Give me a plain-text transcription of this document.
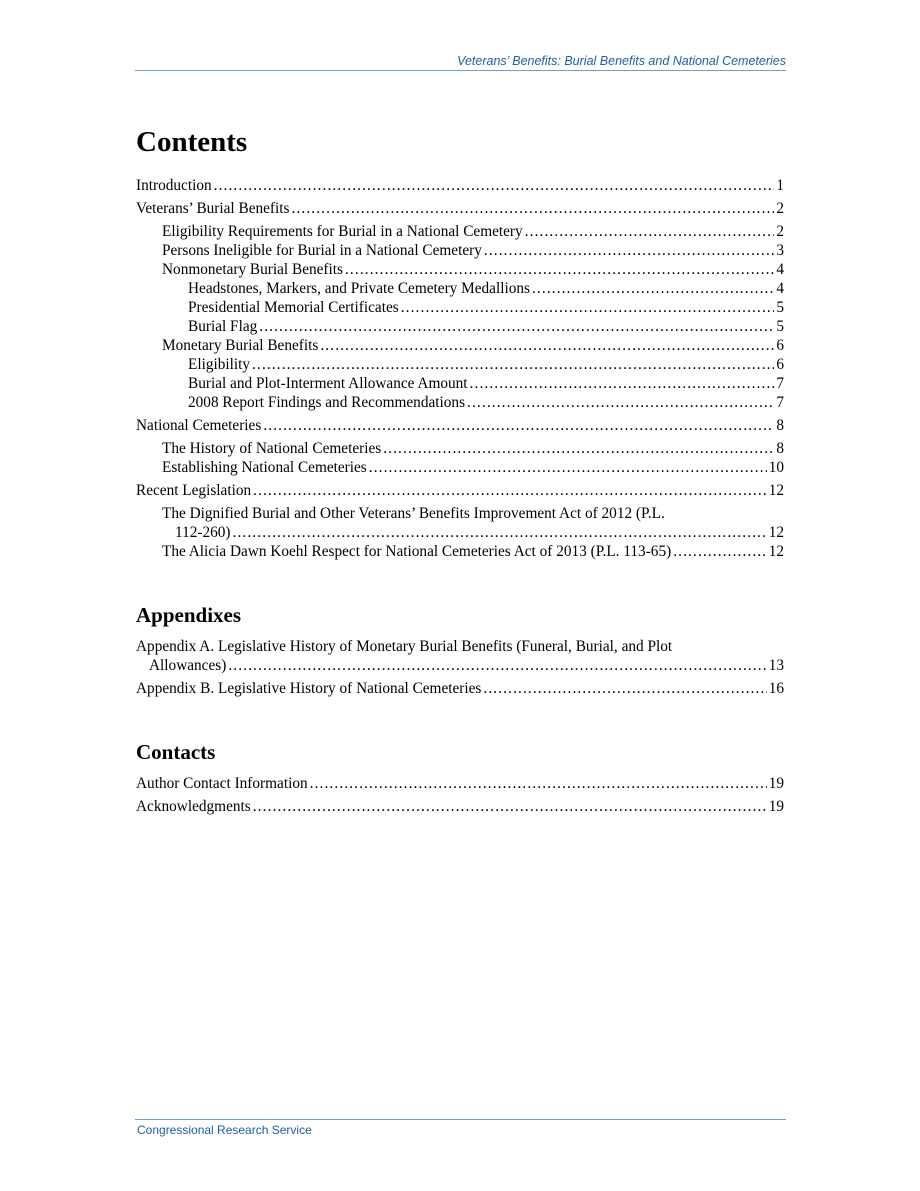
Veterans’ Benefits: Burial Benefits and National Cemeteries
Contents
Introduction . . .	1
Veterans’ Burial Benefits . . .	2
Eligibility Requirements for Burial in a National Cemetery . . .	2
Persons Ineligible for Burial in a National Cemetery . . .	3
Nonmonetary Burial Benefits . . .	4
Headstones, Markers, and Private Cemetery Medallions . . .	4
Presidential Memorial Certificates . . .	5
Burial Flag . . .	5
Monetary Burial Benefits . . .	6
Eligibility . . .	6
Burial and Plot-Interment Allowance Amount . . .	7
2008 Report Findings and Recommendations . . .	7
National Cemeteries . . .	8
The History of National Cemeteries . . .	8
Establishing National Cemeteries . . .	10
Recent Legislation . . .	12
The Dignified Burial and Other Veterans’ Benefits Improvement Act of 2012 (P.L.
112-260) . . .	12
The Alicia Dawn Koehl Respect for National Cemeteries Act of 2013 (P.L. 113-65) . . .	12
Appendixes
Appendix A. Legislative History of Monetary Burial Benefits (Funeral, Burial, and Plot
Allowances) . . .	13
Appendix B. Legislative History of National Cemeteries . . .	16
Contacts
Author Contact Information . . .	19
Acknowledgments . . .	19
Congressional Research Service
